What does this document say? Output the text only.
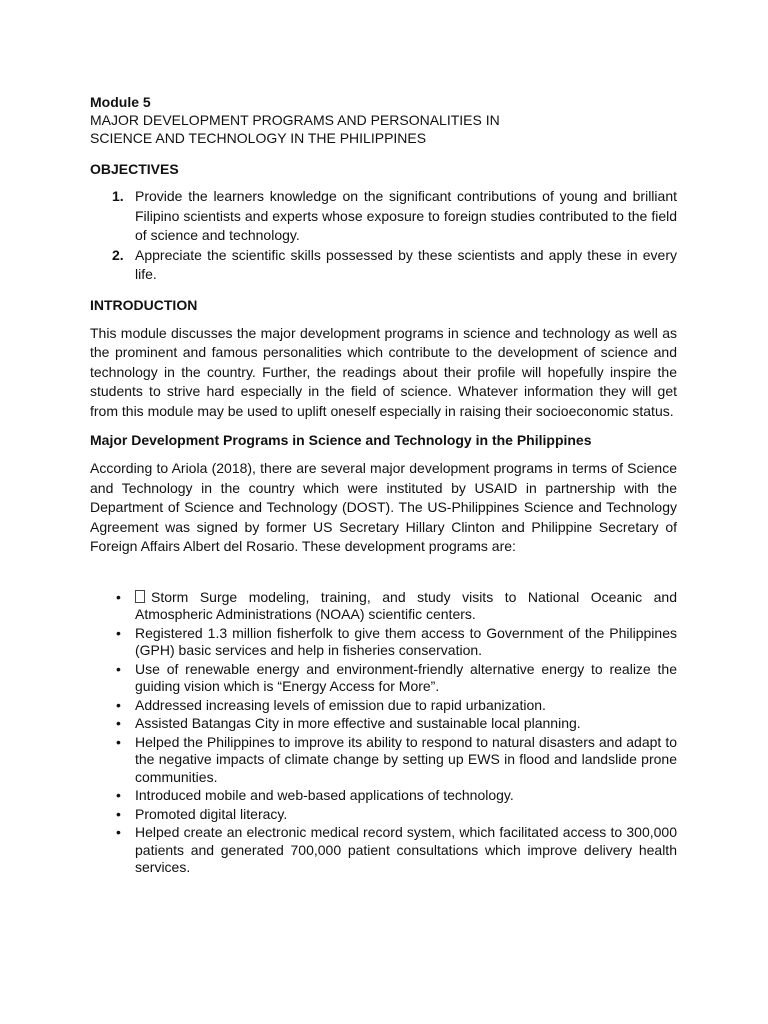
Module 5
MAJOR DEVELOPMENT PROGRAMS AND PERSONALITIES IN
SCIENCE AND TECHNOLOGY IN THE PHILIPPINES
OBJECTIVES
1. Provide the learners knowledge on the significant contributions of young and brilliant Filipino scientists and experts whose exposure to foreign studies contributed to the field of science and technology.
2. Appreciate the scientific skills possessed by these scientists and apply these in every life.
INTRODUCTION
This module discusses the major development programs in science and technology as well as the prominent and famous personalities which contribute to the development of science and technology in the country. Further, the readings about their profile will hopefully inspire the students to strive hard especially in the field of science. Whatever information they will get from this module may be used to uplift oneself especially in raising their socioeconomic status.
Major Development Programs in Science and Technology in the Philippines
According to Ariola (2018), there are several major development programs in terms of Science and Technology in the country which were instituted by USAID in partnership with the Department of Science and Technology (DOST). The US-Philippines Science and Technology Agreement was signed by former US Secretary Hillary Clinton and Philippine Secretary of Foreign Affairs Albert del Rosario. These development programs are:
• Storm Surge modeling, training, and study visits to National Oceanic and Atmospheric Administrations (NOAA) scientific centers.
• Registered 1.3 million fisherfolk to give them access to Government of the Philippines (GPH) basic services and help in fisheries conservation.
• Use of renewable energy and environment-friendly alternative energy to realize the guiding vision which is “Energy Access for More”.
• Addressed increasing levels of emission due to rapid urbanization.
• Assisted Batangas City in more effective and sustainable local planning.
• Helped the Philippines to improve its ability to respond to natural disasters and adapt to the negative impacts of climate change by setting up EWS in flood and landslide prone communities.
• Introduced mobile and web-based applications of technology.
• Promoted digital literacy.
• Helped create an electronic medical record system, which facilitated access to 300,000 patients and generated 700,000 patient consultations which improve delivery health services.
